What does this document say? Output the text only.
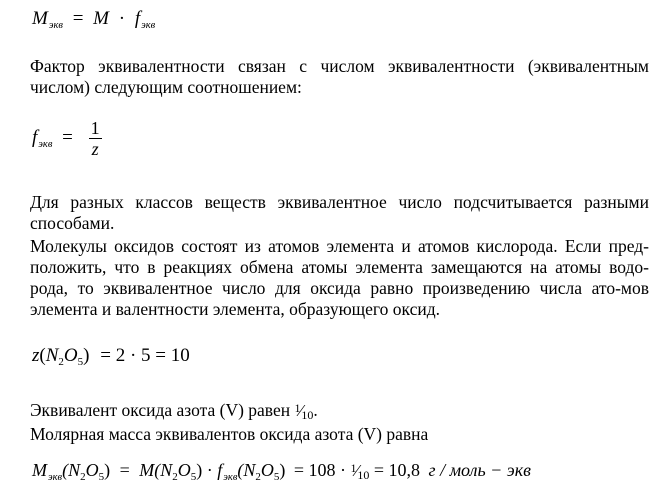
$M_{экв} = M \cdot f_{экв}$

Фактор эквивалентности связан с числом эквивалентности (эквивалентным числом) следующим соотношением:

$f_{экв} = \frac{1}{z}$

Для разных классов веществ эквивалентное число подсчитывается разными способами.

Молекулы оксидов состоят из атомов элемента и атомов кислорода. Если пред-положить, что в реакциях обмена атомы элемента замещаются на атомы водо-рода, то эквивалентное число для оксида равно произведению числа ато-мов элемента и валентности элемента, образующего оксид.

$z(N_2O_5) = 2 \cdot 5 = 10$

Эквивалент оксида азота (V) равен 1⁄10.

Молярная масса эквивалентов оксида азота (V) равна

$M_{экв}(N_2O_5) = M(N_2O_5) \cdot f_{экв}(N_2O_5) = 108$ · 1⁄10 = 10,8 г / моль − экв
